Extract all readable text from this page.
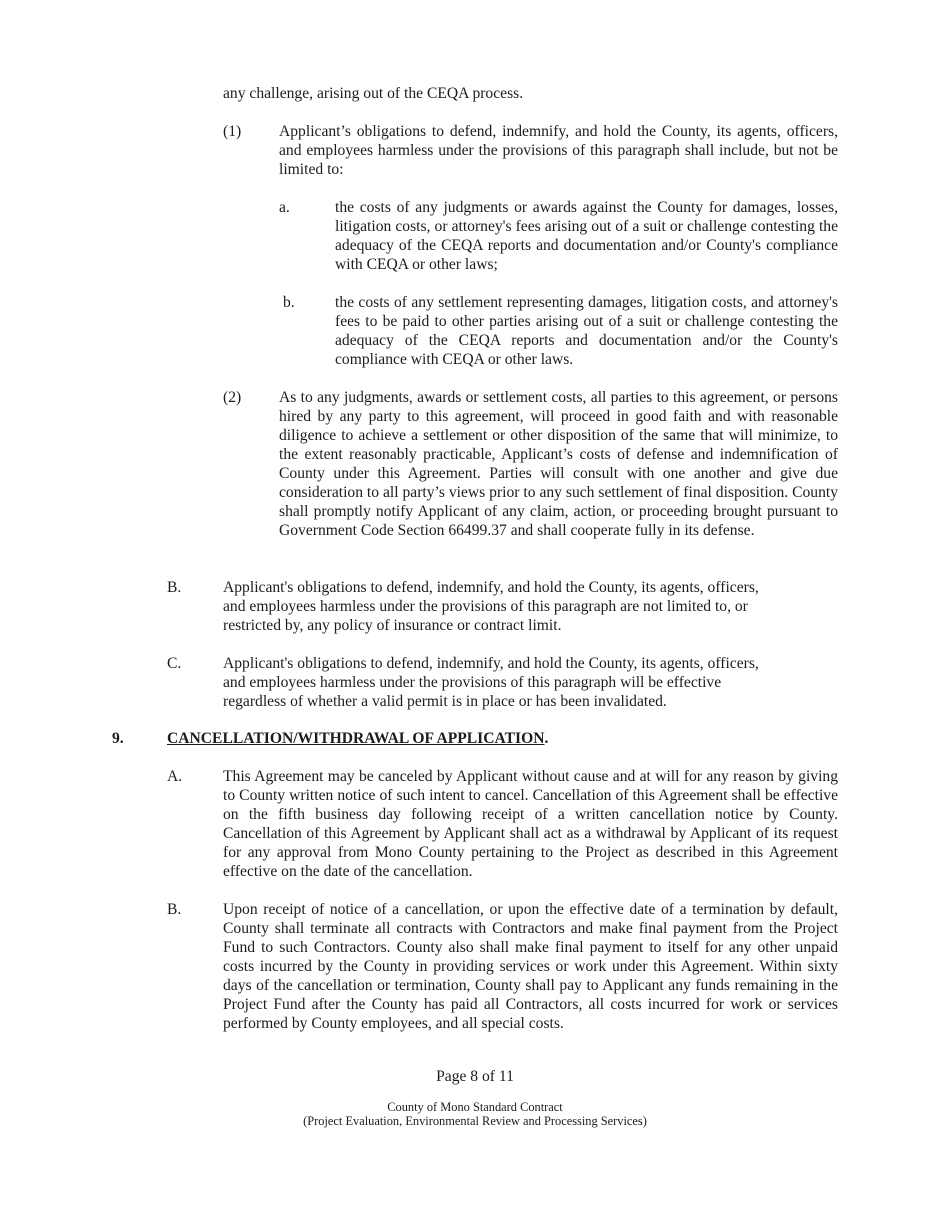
any challenge, arising out of the CEQA process.
(1) Applicant’s obligations to defend, indemnify, and hold the County, its agents, officers, and employees harmless under the provisions of this paragraph shall include, but not be limited to:
a.	the costs of any judgments or awards against the County for damages, losses, litigation costs, or attorney's fees arising out of a suit or challenge contesting the adequacy of the CEQA reports and documentation and/or County's compliance with CEQA or other laws;
b.	the costs of any settlement representing damages, litigation costs, and attorney's fees to be paid to other parties arising out of a suit or challenge contesting the adequacy of the CEQA reports and documentation and/or the County's compliance with CEQA or other laws.
(2) As to any judgments, awards or settlement costs, all parties to this agreement, or persons hired by any party to this agreement, will proceed in good faith and with reasonable diligence to achieve a settlement or other disposition of the same that will minimize, to the extent reasonably practicable, Applicant’s costs of defense and indemnification of County under this Agreement. Parties will consult with one another and give due consideration to all party’s views prior to any such settlement of final disposition. County shall promptly notify Applicant of any claim, action, or proceeding brought pursuant to Government Code Section 66499.37 and shall cooperate fully in its defense.
B.	Applicant's obligations to defend, indemnify, and hold the County, its agents, officers,
and employees harmless under the provisions of this paragraph are not limited to, or
restricted by, any policy of insurance or contract limit.
C.	Applicant's obligations to defend, indemnify, and hold the County, its agents, officers,
and employees harmless under the provisions of this paragraph will be effective
regardless of whether a valid permit is in place or has been invalidated.
9.	CANCELLATION/WITHDRAWAL OF APPLICATION.
A.	This Agreement may be canceled by Applicant without cause and at will for any reason by giving to County written notice of such intent to cancel. Cancellation of this Agreement shall be effective on the fifth business day following receipt of a written cancellation notice by County. Cancellation of this Agreement by Applicant shall act as a withdrawal by Applicant of its request for any approval from Mono County pertaining to the Project as described in this Agreement effective on the date of the cancellation.
B.	Upon receipt of notice of a cancellation, or upon the effective date of a termination by default, County shall terminate all contracts with Contractors and make final payment from the Project Fund to such Contractors. County also shall make final payment to itself for any other unpaid costs incurred by the County in providing services or work under this Agreement. Within sixty days of the cancellation or termination, County shall pay to Applicant any funds remaining in the Project Fund after the County has paid all Contractors, all costs incurred for work or services performed by County employees, and all special costs.
Page 8 of 11
County of Mono Standard Contract
(Project Evaluation, Environmental Review and Processing Services)
